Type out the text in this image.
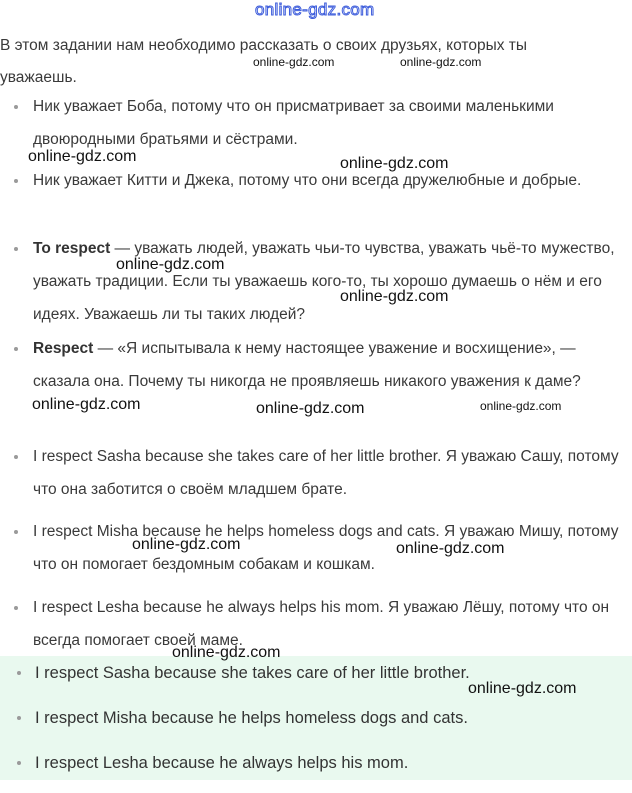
В этом задании нам необходимо рассказать о своих друзьях, которых ты уважаешь.
Ник уважает Боба, потому что он присматривает за своими маленькими двоюродными братьями и сёстрами.
Ник уважает Китти и Джека, потому что они всегда дружелюбные и добрые.
To respect — уважать людей, уважать чьи-то чувства, уважать чьё-то мужество, уважать традиции. Если ты уважаешь кого-то, ты хорошо думаешь о нём и его идеях. Уважаешь ли ты таких людей?
Respect — «Я испытывала к нему настоящее уважение и восхищение», — сказала она. Почему ты никогда не проявляешь никакого уважения к даме?
I respect Sasha because she takes care of her little brother. Я уважаю Сашу, потому что она заботится о своём младшем брате.
I respect Misha because he helps homeless dogs and cats. Я уважаю Мишу, потому что он помогает бездомным собакам и кошкам.
I respect Lesha because he always helps his mom. Я уважаю Лёшу, потому что он всегда помогает своей маме.
I respect Sasha because she takes care of her little brother.
I respect Misha because he helps homeless dogs and cats.
I respect Lesha because he always helps his mom.
online-gdz.com
online-gdz.com	online-gdz.com
online-gdz.com	online-gdz.com
online-gdz.com
online-gdz.com
online-gdz.com	online-gdz.com	online-gdz.com
online-gdz.com	online-gdz.com
online-gdz.com
online-gdz.com
